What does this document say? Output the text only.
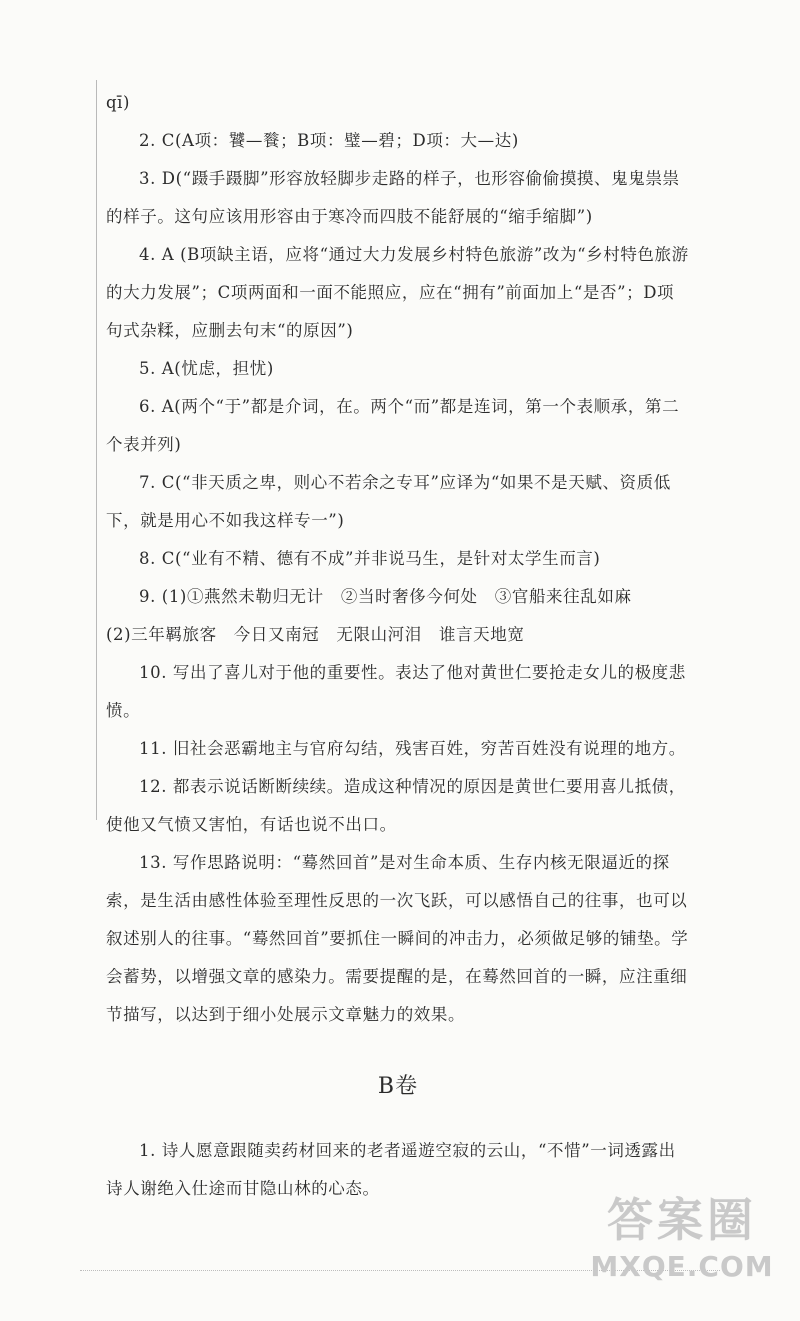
qī)

2. C(A项：饕—餮；B项：璧—碧；D项：大—达)

3. D(“蹑手蹑脚”形容放轻脚步走路的样子，也形容偷偷摸摸、鬼鬼祟祟的样子。这句应该用形容由于寒冷而四肢不能舒展的“缩手缩脚”)

4. A (B项缺主语，应将“通过大力发展乡村特色旅游”改为“乡村特色旅游的大力发展”；C项两面和一面不能照应，应在“拥有”前面加上“是否”；D项句式杂糅，应删去句末“的原因”)

5. A(忧虑，担忧)

6. A(两个“于”都是介词，在。两个“而”都是连词，第一个表顺承，第二个表并列)

7. C(“非天质之卑，则心不若余之专耳”应译为“如果不是天赋、资质低下，就是用心不如我这样专一”)

8. C(“业有不精、德有不成”并非说马生，是针对太学生而言)

9. (1)①燕然未勒归无计　②当时奢侈今何处　③官船来往乱如麻

(2)三年羁旅客　今日又南冠　无限山河泪　谁言天地宽

10. 写出了喜儿对于他的重要性。表达了他对黄世仁要抢走女儿的极度悲愤。

11. 旧社会恶霸地主与官府勾结，残害百姓，穷苦百姓没有说理的地方。

12. 都表示说话断断续续。造成这种情况的原因是黄世仁要用喜儿抵债，使他又气愤又害怕，有话也说不出口。

13. 写作思路说明：“蓦然回首”是对生命本质、生存内核无限逼近的探索，是生活由感性体验至理性反思的一次飞跃，可以感悟自己的往事，也可以叙述别人的往事。“蓦然回首”要抓住一瞬间的冲击力，必须做足够的铺垫。学会蓄势，以增强文章的感染力。需要提醒的是，在蓦然回首的一瞬，应注重细节描写，以达到于细小处展示文章魅力的效果。

B卷

1. 诗人愿意跟随卖药材回来的老者遥遊空寂的云山，“不惜”一词透露出诗人谢绝入仕途而甘隐山林的心态。

答案圈
MXQE.COM
